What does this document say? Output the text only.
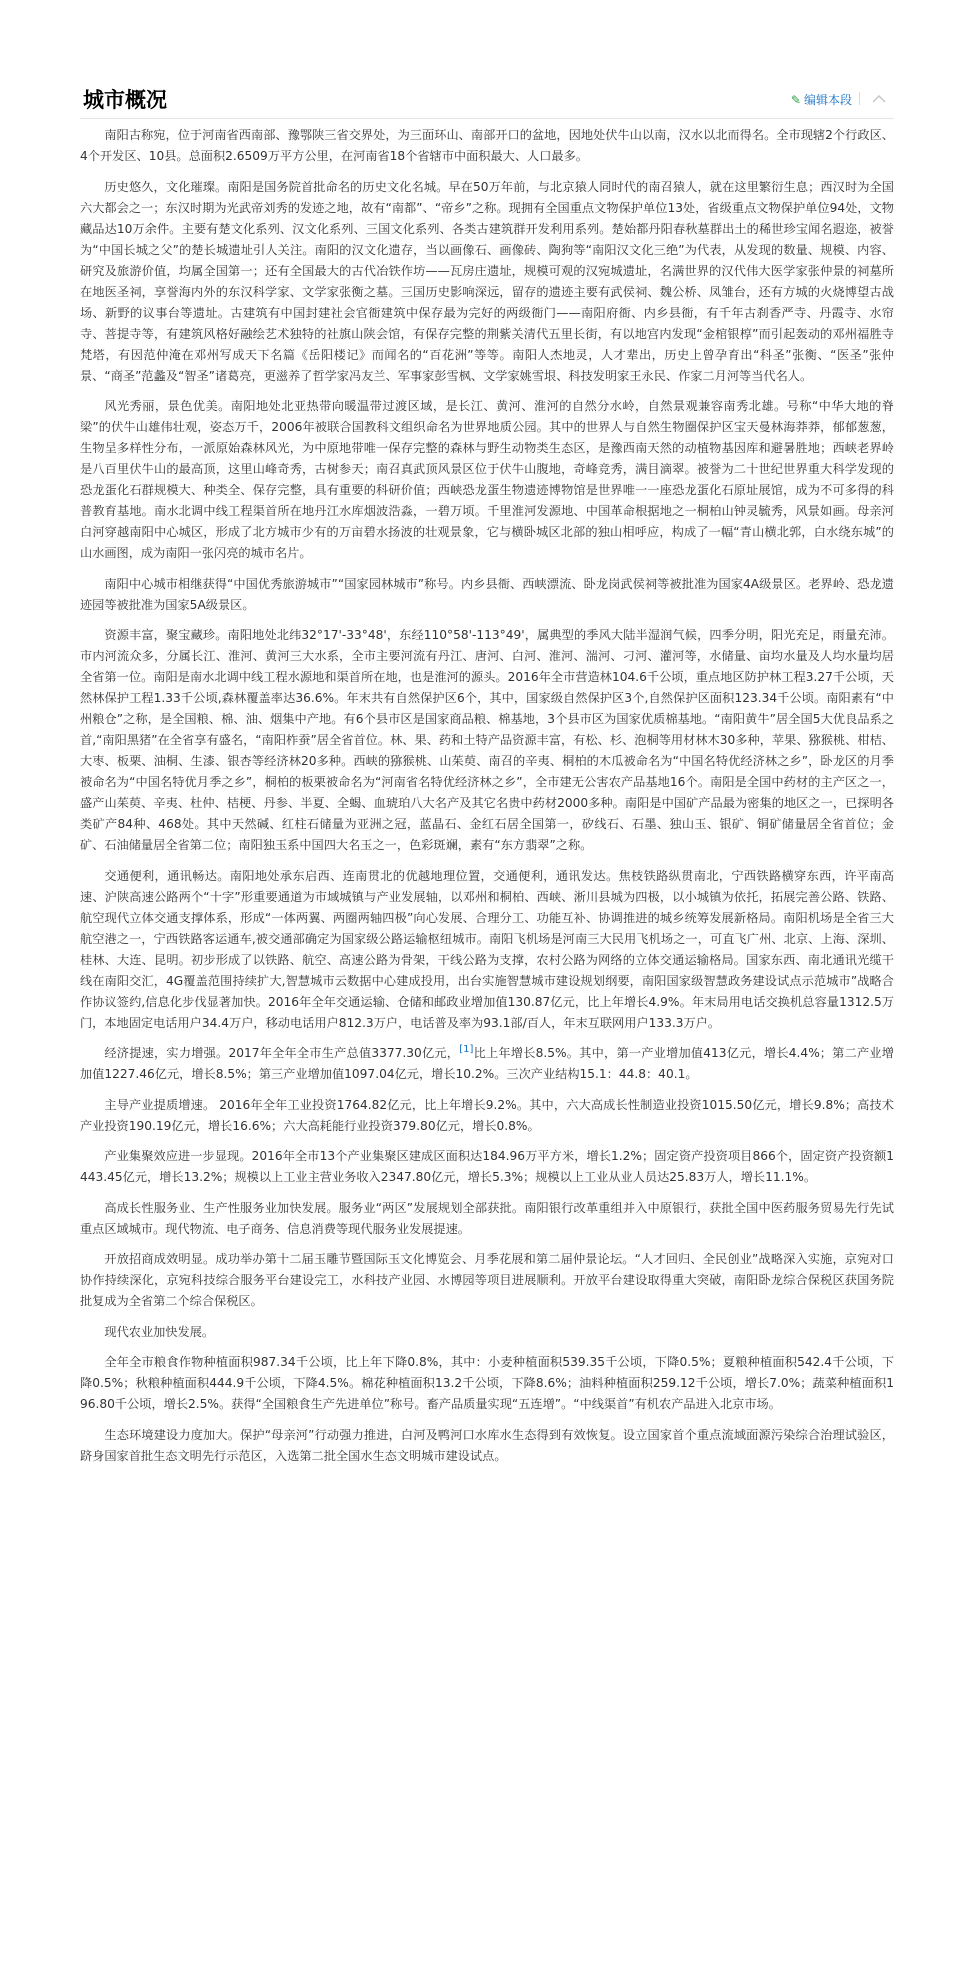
城市概况	✎ 编辑本段

南阳古称宛，位于河南省西南部、豫鄂陕三省交界处，为三面环山、南部开口的盆地，因地处伏牛山以南，汉水以北而得名。全市现辖2个行政区、4个开发区、10县。总面积2.6509万平方公里，在河南省18个省辖市中面积最大、人口最多。

历史悠久，文化璀璨。南阳是国务院首批命名的历史文化名城。早在50万年前，与北京猿人同时代的南召猿人，就在这里繁衍生息；西汉时为全国六大都会之一；东汉时期为光武帝刘秀的发迹之地，故有“南都”、“帝乡”之称。现拥有全国重点文物保护单位13处，省级重点文物保护单位94处，文物藏品达10万余件。主要有楚文化系列、汉文化系列、三国文化系列、各类古建筑群开发利用系列。楚始都丹阳春秋墓群出土的稀世珍宝闻名遐迩，被誉为“中国长城之父”的楚长城遗址引人关注。南阳的汉文化遗存，当以画像石、画像砖、陶狗等“南阳汉文化三绝”为代表，从发现的数量、规模、内容、研究及旅游价值，均属全国第一；还有全国最大的古代冶铁作坊——瓦房庄遗址，规模可观的汉宛城遗址，名满世界的汉代伟大医学家张仲景的祠墓所在地医圣祠，享誉海内外的东汉科学家、文学家张衡之墓。三国历史影响深远，留存的遗迹主要有武侯祠、魏公桥、凤雏台，还有方城的火烧博望古战场、新野的议事台等遗址。古建筑有中国封建社会官衙建筑中保存最为完好的两级衙门——南阳府衙、内乡县衙，有千年古刹香严寺、丹霞寺、水帘寺、菩提寺等，有建筑风格好融绘艺术独特的社旗山陕会馆，有保存完整的荆紫关清代五里长街，有以地宫内发现“金棺银椁”而引起轰动的邓州福胜寺梵塔，有因范仲淹在邓州写成天下名篇《岳阳楼记》而闻名的“百花洲”等等。南阳人杰地灵，人才辈出，历史上曾孕育出“科圣”张衡、“医圣”张仲景、“商圣”范蠡及“智圣”诸葛亮，更滋养了哲学家冯友兰、军事家彭雪枫、文学家姚雪垠、科技发明家王永民、作家二月河等当代名人。

风光秀丽，景色优美。南阳地处北亚热带向暖温带过渡区域，是长江、黄河、淮河的自然分水岭，自然景观兼容南秀北雄。号称“中华大地的脊梁”的伏牛山雄伟壮观，姿态万千，2006年被联合国教科文组织命名为世界地质公园。其中的世界人与自然生物圈保护区宝天曼林海莽莽，郁郁葱葱，生物呈多样性分布，一派原始森林风光，为中原地带唯一保存完整的森林与野生动物类生态区，是豫西南天然的动植物基因库和避暑胜地；西峡老界岭是八百里伏牛山的最高顶，这里山峰奇秀，古树参天；南召真武顶风景区位于伏牛山腹地，奇峰竞秀，满目滴翠。被誉为二十世纪世界重大科学发现的恐龙蛋化石群规模大、种类全、保存完整，具有重要的科研价值；西峡恐龙蛋生物遗迹博物馆是世界唯一一座恐龙蛋化石原址展馆，成为不可多得的科普教育基地。南水北调中线工程渠首所在地丹江水库烟波浩淼，一碧万顷。千里淮河发源地、中国革命根据地之一桐柏山钟灵毓秀，风景如画。母亲河白河穿越南阳中心城区，形成了北方城市少有的万亩碧水扬波的壮观景象，它与横卧城区北部的独山相呼应，构成了一幅“青山横北郭，白水绕东城”的山水画图，成为南阳一张闪亮的城市名片。

南阳中心城市相继获得“中国优秀旅游城市”“国家园林城市”称号。内乡县衙、西峡漂流、卧龙岗武侯祠等被批准为国家4A级景区。老界岭、恐龙遗迹园等被批准为国家5A级景区。

资源丰富，聚宝藏珍。南阳地处北纬32°17'-33°48'，东经110°58'-113°49'，属典型的季风大陆半湿润气候，四季分明，阳光充足，雨量充沛。市内河流众多，分属长江、淮河、黄河三大水系，全市主要河流有丹江、唐河、白河、淮河、湍河、刁河、灌河等，水储量、亩均水量及人均水量均居全省第一位。南阳是南水北调中线工程水源地和渠首所在地，也是淮河的源头。2016年全市营造林104.6千公顷，重点地区防护林工程3.27千公顷，天然林保护工程1.33千公顷,森林覆盖率达36.6%。年末共有自然保护区6个，其中，国家级自然保护区3个,自然保护区面积123.34千公顷。南阳素有“中州粮仓”之称，是全国粮、棉、油、烟集中产地。有6个县市区是国家商品粮、棉基地，3个县市区为国家优质棉基地。“南阳黄牛”居全国5大优良品系之首,“南阳黑猪”在全省享有盛名，“南阳柞蚕”居全省首位。林、果、药和土特产品资源丰富，有松、杉、泡桐等用材林木30多种，苹果、猕猴桃、柑桔、大枣、板栗、油桐、生漆、银杏等经济林20多种。西峡的猕猴桃、山茱萸、南召的辛夷、桐柏的木瓜被命名为“中国名特优经济林之乡”，卧龙区的月季被命名为“中国名特优月季之乡”，桐柏的板栗被命名为“河南省名特优经济林之乡”，全市建无公害农产品基地16个。南阳是全国中药材的主产区之一，盛产山茱萸、辛夷、杜仲、桔梗、丹参、半夏、全蝎、血琥珀八大名产及其它名贵中药材2000多种。南阳是中国矿产品最为密集的地区之一，已探明各类矿产84种、468处。其中天然碱、红柱石储量为亚洲之冠，蓝晶石、金红石居全国第一，矽线石、石墨、独山玉、银矿、铜矿储量居全省首位；金矿、石油储量居全省第二位；南阳独玉系中国四大名玉之一，色彩斑斓，素有“东方翡翠”之称。

交通便利，通讯畅达。南阳地处承东启西、连南贯北的优越地理位置，交通便利，通讯发达。焦枝铁路纵贯南北，宁西铁路横穿东西，许平南高速、沪陕高速公路两个“十字”形重要通道为市域城镇与产业发展轴，以邓州和桐柏、西峡、淅川县城为四极，以小城镇为依托，拓展完善公路、铁路、航空现代立体交通支撑体系，形成“一体两翼、两圈两轴四极”向心发展、合理分工、功能互补、协调推进的城乡统筹发展新格局。南阳机场是全省三大航空港之一，宁西铁路客运通车,被交通部确定为国家级公路运输枢纽城市。南阳飞机场是河南三大民用飞机场之一，可直飞广州、北京、上海、深圳、桂林、大连、昆明。初步形成了以铁路、航空、高速公路为骨架，干线公路为支撑，农村公路为网络的立体交通运输格局。国家东西、南北通讯光缆干线在南阳交汇，4G覆盖范围持续扩大,智慧城市云数据中心建成投用，出台实施智慧城市建设规划纲要，南阳国家级智慧政务建设试点示范城市”战略合作协议签约,信息化步伐显著加快。2016年全年交通运输、仓储和邮政业增加值130.87亿元，比上年增长4.9%。年末局用电话交换机总容量1312.5万门，本地固定电话用户34.4万户，移动电话用户812.3万户，电话普及率为93.1部/百人，年末互联网用户133.3万户。

经济提速，实力增强。2017年全年全市生产总值3377.30亿元，[1]比上年增长8.5%。其中，第一产业增加值413亿元，增长4.4%；第二产业增加值1227.46亿元，增长8.5%；第三产业增加值1097.04亿元，增长10.2%。三次产业结构15.1：44.8：40.1。

主导产业提质增速。 2016年全年工业投资1764.82亿元，比上年增长9.2%。其中，六大高成长性制造业投资1015.50亿元，增长9.8%；高技术产业投资190.19亿元，增长16.6%；六大高耗能行业投资379.80亿元，增长0.8%。

产业集聚效应进一步显现。2016年全市13个产业集聚区建成区面积达184.96万平方米，增长1.2%；固定资产投资项目866个，固定资产投资额1443.45亿元，增长13.2%；规模以上工业主营业务收入2347.80亿元，增长5.3%；规模以上工业从业人员达25.83万人，增长11.1%。

高成长性服务业、生产性服务业加快发展。服务业“两区”发展规划全部获批。南阳银行改革重组并入中原银行，获批全国中医药服务贸易先行先试重点区域城市。现代物流、电子商务、信息消费等现代服务业发展提速。

开放招商成效明显。成功举办第十二届玉雕节暨国际玉文化博览会、月季花展和第二届仲景论坛。“人才回归、全民创业”战略深入实施，京宛对口协作持续深化，京宛科技综合服务平台建设完工，水科技产业园、水博园等项目进展顺利。开放平台建设取得重大突破，南阳卧龙综合保税区获国务院批复成为全省第二个综合保税区。

现代农业加快发展。

全年全市粮食作物种植面积987.34千公顷，比上年下降0.8%，其中：小麦种植面积539.35千公顷，下降0.5%；夏粮种植面积542.4千公顷，下降0.5%；秋粮种植面积444.9千公顷，下降4.5%。棉花种植面积13.2千公顷，下降8.6%；油料种植面积259.12千公顷，增长7.0%；蔬菜种植面积196.80千公顷，增长2.5%。获得“全国粮食生产先进单位”称号。畜产品质量实现“五连增”。“中线渠首”有机农产品进入北京市场。

生态环境建设力度加大。保护“母亲河”行动强力推进，白河及鸭河口水库水生态得到有效恢复。设立国家首个重点流域面源污染综合治理试验区，跻身国家首批生态文明先行示范区，入选第二批全国水生态文明城市建设试点。
